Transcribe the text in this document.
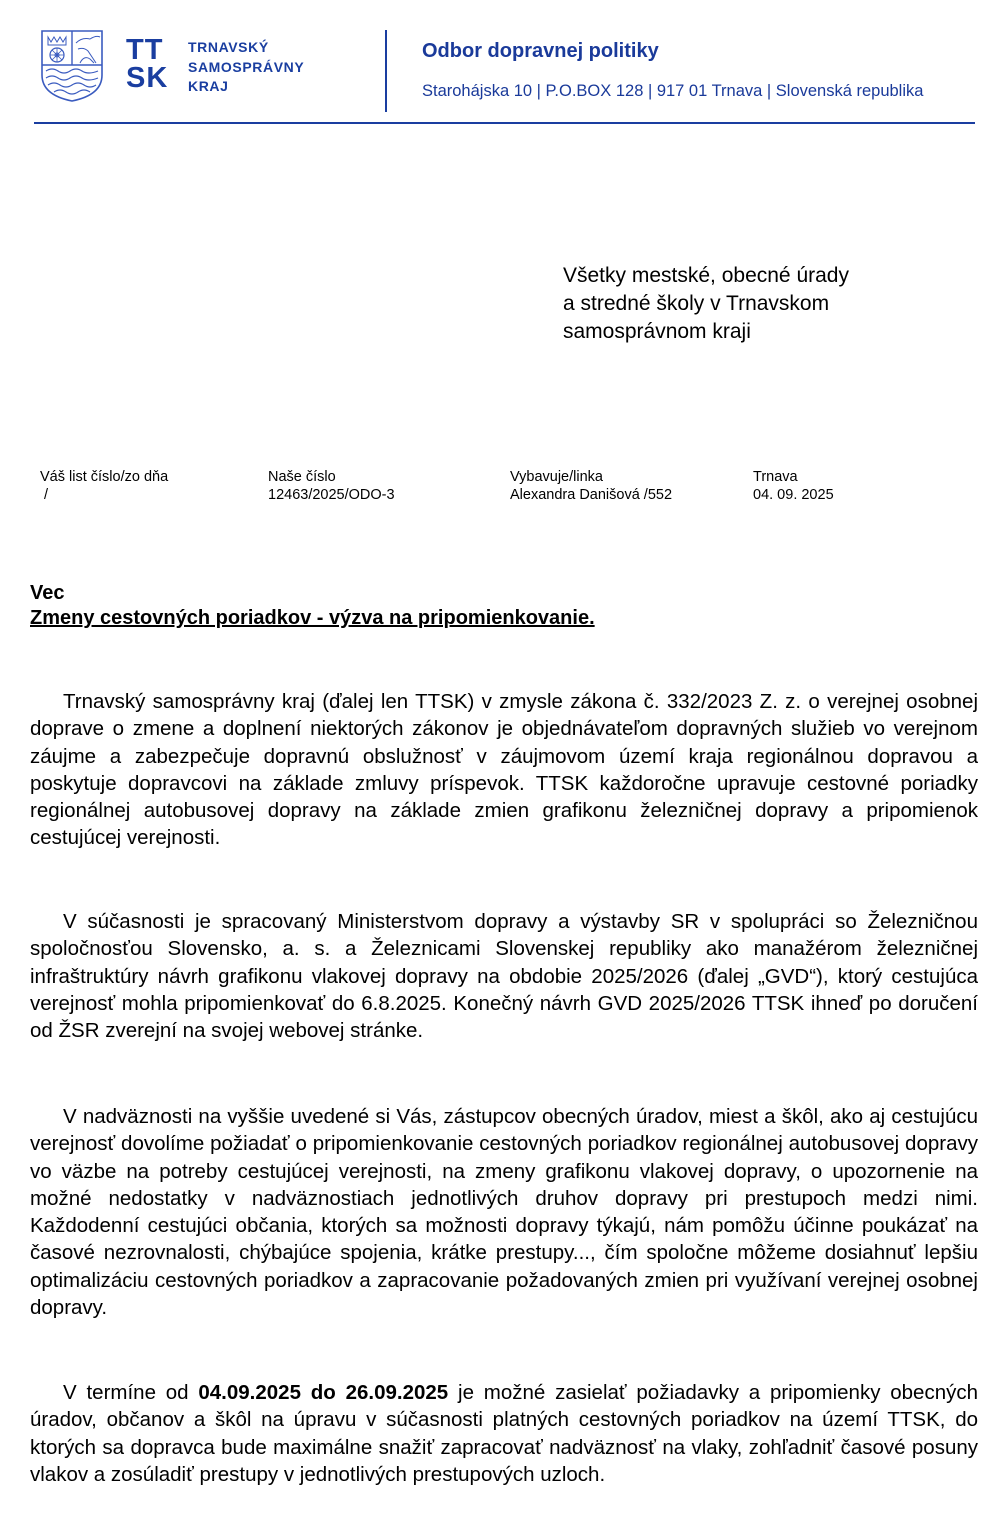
TT
SK
TRNAVSKÝ
SAMOSPRÁVNY
KRAJ
Odbor dopravnej politiky
Starohájska 10 | P.O.BOX 128 | 917 01 Trnava | Slovenská republika
Všetky mestské, obecné úrady
a stredné školy v Trnavskom
samosprávnom kraji
Váš list číslo/zo dňa
/
Naše číslo
12463/2025/ODO-3
Vybavuje/linka
Alexandra Danišová /552
Trnava
04. 09. 2025
Vec
Zmeny cestovných poriadkov - výzva na pripomienkovanie.

Trnavský samosprávny kraj (ďalej len TTSK) v zmysle zákona č. 332/2023 Z. z. o verejnej osobnej doprave o zmene a doplnení niektorých zákonov je objednávateľom dopravných služieb vo verejnom záujme a zabezpečuje dopravnú obslužnosť v záujmovom území kraja regionálnou dopravou a poskytuje dopravcovi na základe zmluvy príspevok. TTSK každoročne upravuje cestovné poriadky regionálnej autobusovej dopravy na základe zmien grafikonu železničnej dopravy a pripomienok cestujúcej verejnosti.

V súčasnosti je spracovaný Ministerstvom dopravy a výstavby SR v spolupráci so Železničnou spoločnosťou Slovensko, a. s. a Železnicami Slovenskej republiky ako manažérom železničnej infraštruktúry návrh grafikonu vlakovej dopravy na obdobie 2025/2026 (ďalej „GVD“), ktorý cestujúca verejnosť mohla pripomienkovať do 6.8.2025. Konečný návrh GVD 2025/2026 TTSK ihneď po doručení od ŽSR zverejní na svojej webovej stránke.

V nadväznosti na vyššie uvedené si Vás, zástupcov obecných úradov, miest a škôl, ako aj cestujúcu verejnosť dovolíme požiadať o pripomienkovanie cestovných poriadkov regionálnej autobusovej dopravy vo väzbe na potreby cestujúcej verejnosti, na zmeny grafikonu vlakovej dopravy, o upozornenie na možné nedostatky v nadväznostiach jednotlivých druhov dopravy pri prestupoch medzi nimi. Každodenní cestujúci občania, ktorých sa možnosti dopravy týkajú, nám pomôžu účinne poukázať na časové nezrovnalosti, chýbajúce spojenia, krátke prestupy..., čím spoločne môžeme dosiahnuť lepšiu optimalizáciu cestovných poriadkov a zapracovanie požadovaných zmien pri využívaní verejnej osobnej dopravy.

V termíne od 04.09.2025 do 26.09.2025 je možné zasielať požiadavky a pripomienky obecných úradov, občanov a škôl na úpravu v súčasnosti platných cestovných poriadkov na území TTSK, do ktorých sa dopravca bude maximálne snažiť zapracovať nadväznosť na vlaky, zohľadniť časové posuny vlakov a zosúladiť prestupy v jednotlivých prestupových uzloch.
